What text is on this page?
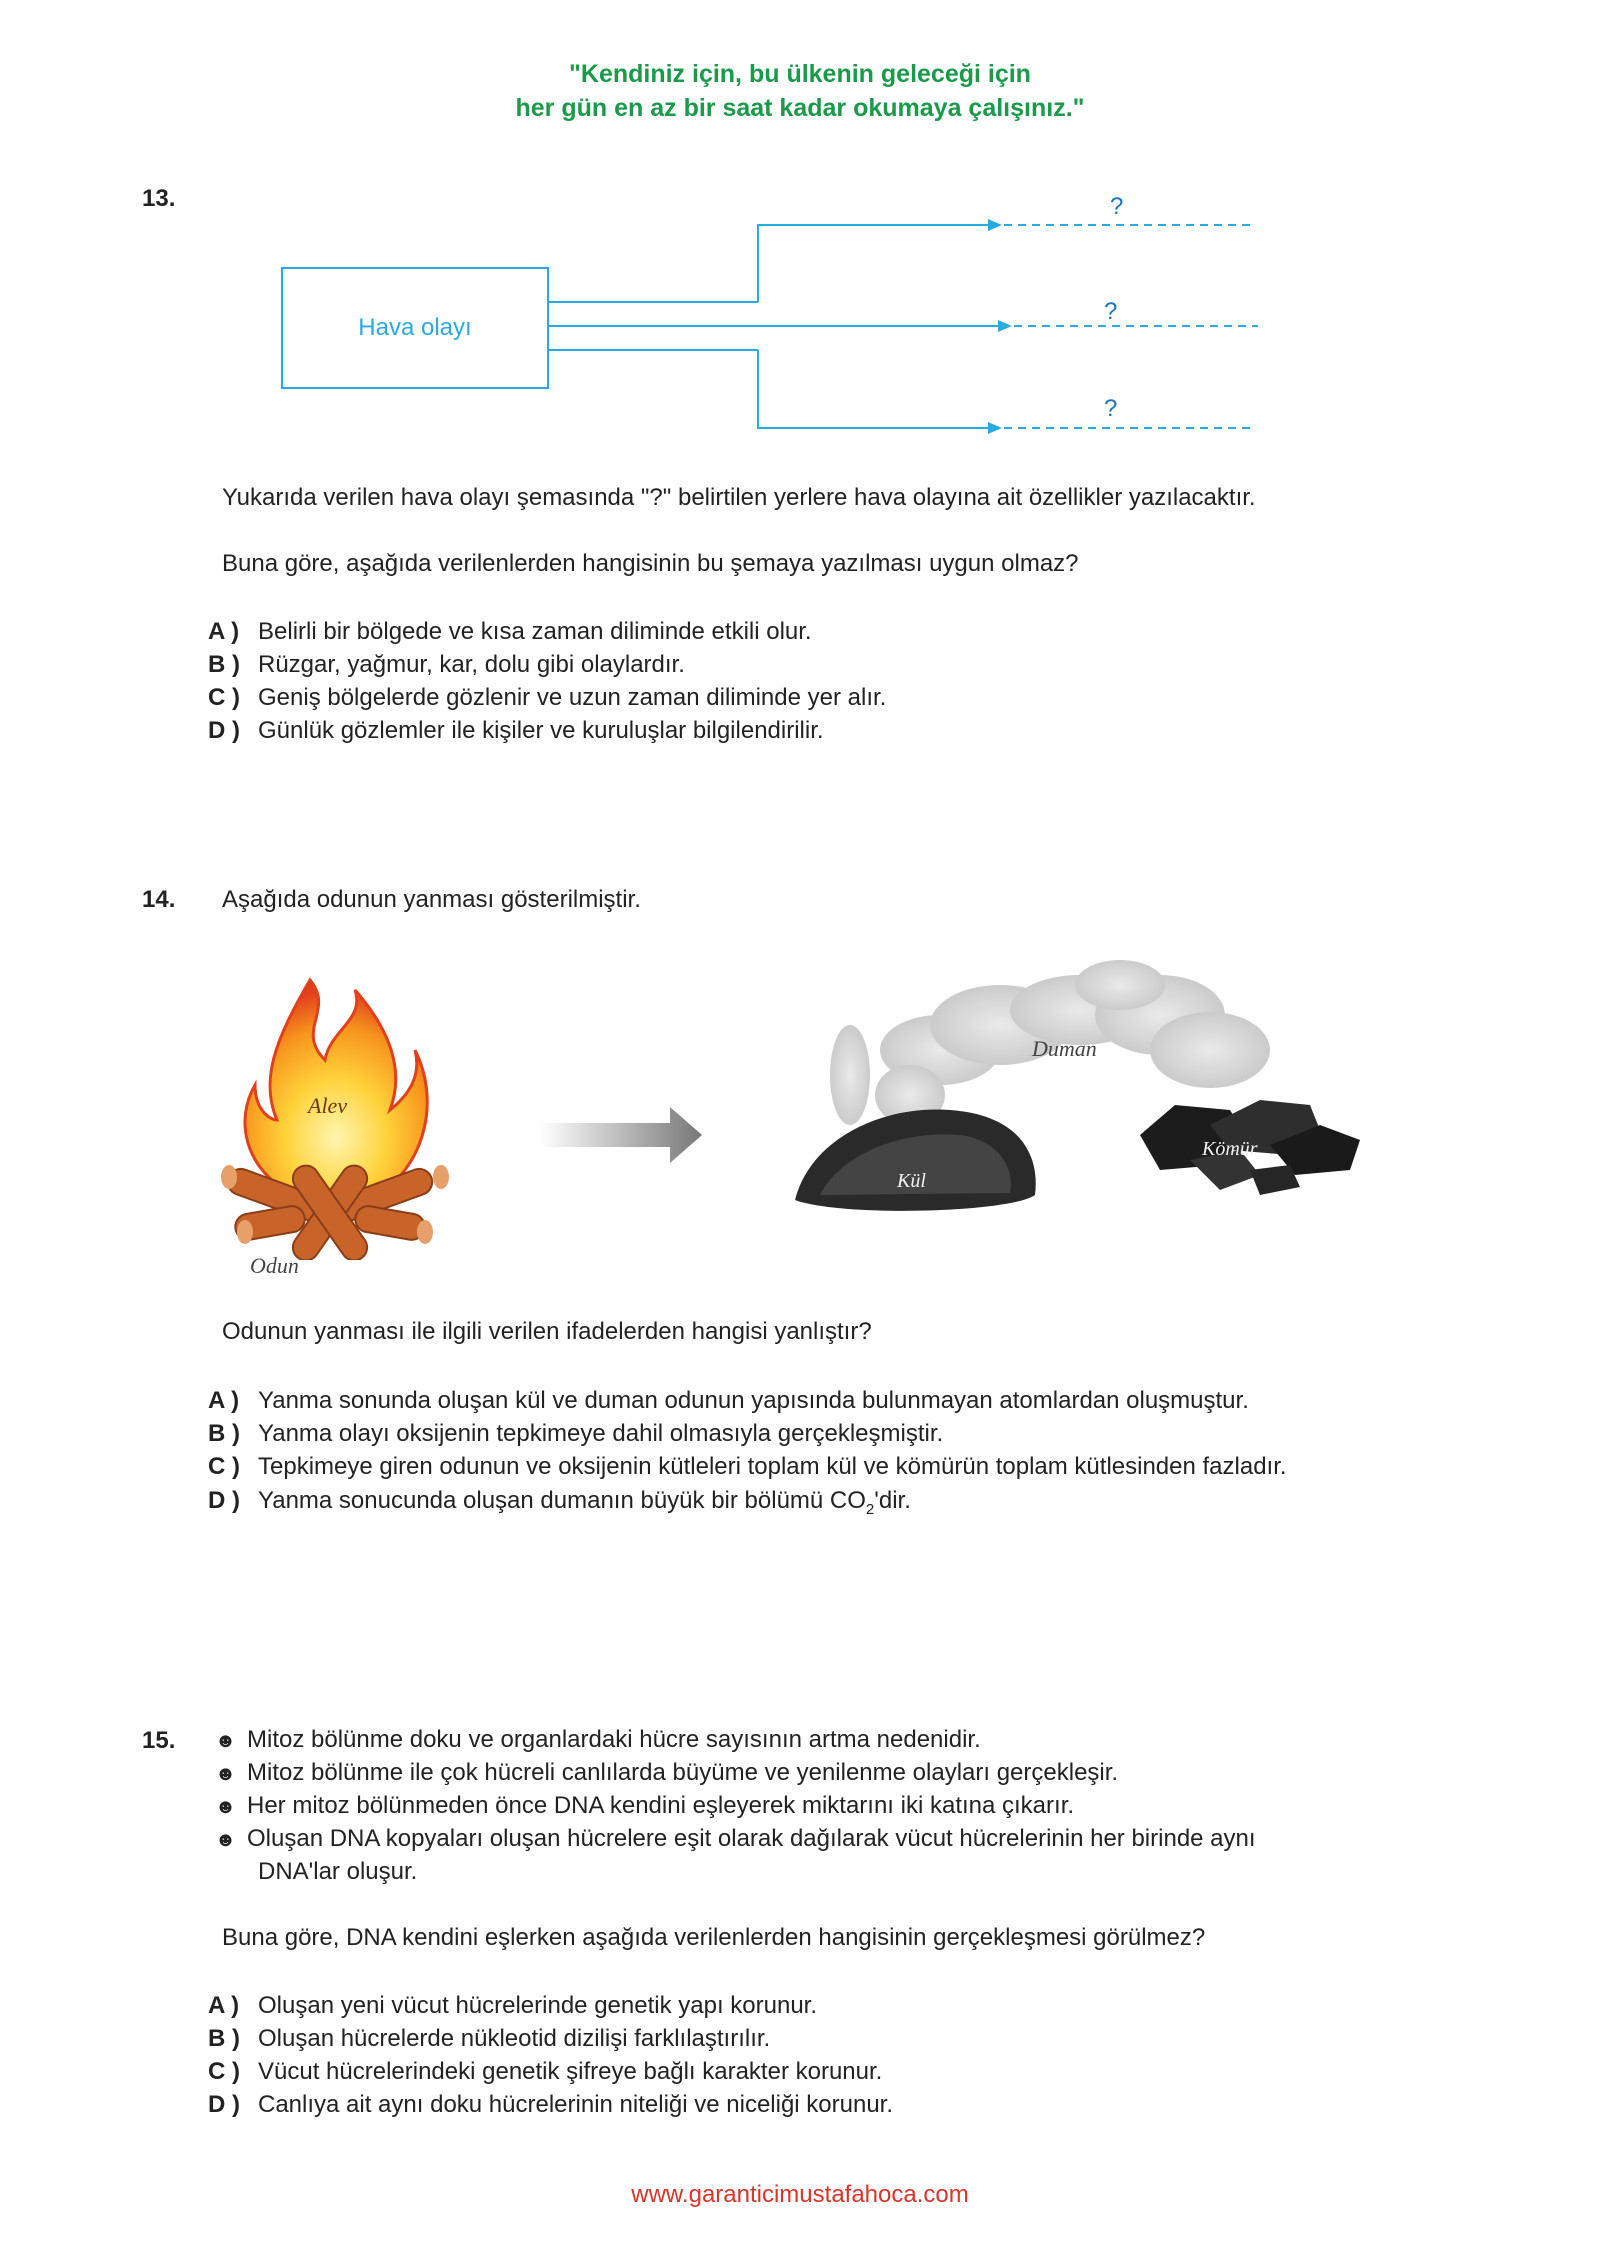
"Kendiniz için, bu ülkenin geleceği için
her gün en az bir saat kadar okumaya çalışınız."
13.
Hava olayı
?
?
?
Yukarıda verilen hava olayı şemasında "?" belirtilen yerlere hava olayına ait özellikler yazılacaktır.
Buna göre, aşağıda verilenlerden hangisinin bu şemaya yazılması uygun olmaz?
A ) Belirli bir bölgede ve kısa zaman diliminde etkili olur.
B ) Rüzgar, yağmur, kar, dolu gibi olaylardır.
C ) Geniş bölgelerde gözlenir ve uzun zaman diliminde yer alır.
D ) Günlük gözlemler ile kişiler ve kuruluşlar bilgilendirilir.
14. Aşağıda odunun yanması gösterilmiştir.
Alev
Odun
Duman
Kül
Kömür
Odunun yanması ile ilgili verilen ifadelerden hangisi yanlıştır?
A ) Yanma sonunda oluşan kül ve duman odunun yapısında bulunmayan atomlardan oluşmuştur.
B ) Yanma olayı oksijenin tepkimeye dahil olmasıyla gerçekleşmiştir.
C ) Tepkimeye giren odunun ve oksijenin kütleleri toplam kül ve kömürün toplam kütlesinden fazladır.
D ) Yanma sonucunda oluşan dumanın büyük bir bölümü $CO_2'dir$.
15. ☻ Mitoz bölünme doku ve organlardaki hücre sayısının artma nedenidir.
☻ Mitoz bölünme ile çok hücreli canlılarda büyüme ve yenilenme olayları gerçekleşir.
☻ Her mitoz bölünmeden önce DNA kendini eşleyerek miktarını iki katına çıkarır.
☻ Oluşan DNA kopyaları oluşan hücrelere eşit olarak dağılarak vücut hücrelerinin her birinde aynı
DNA'lar oluşur.
Buna göre, DNA kendini eşlerken aşağıda verilenlerden hangisinin gerçekleşmesi görülmez?
A ) Oluşan yeni vücut hücrelerinde genetik yapı korunur.
B ) Oluşan hücrelerde nükleotid dizilişi farklılaştırılır.
C ) Vücut hücrelerindeki genetik şifreye bağlı karakter korunur.
D ) Canlıya ait aynı doku hücrelerinin niteliği ve niceliği korunur.
www.garanticimustafahoca.com
